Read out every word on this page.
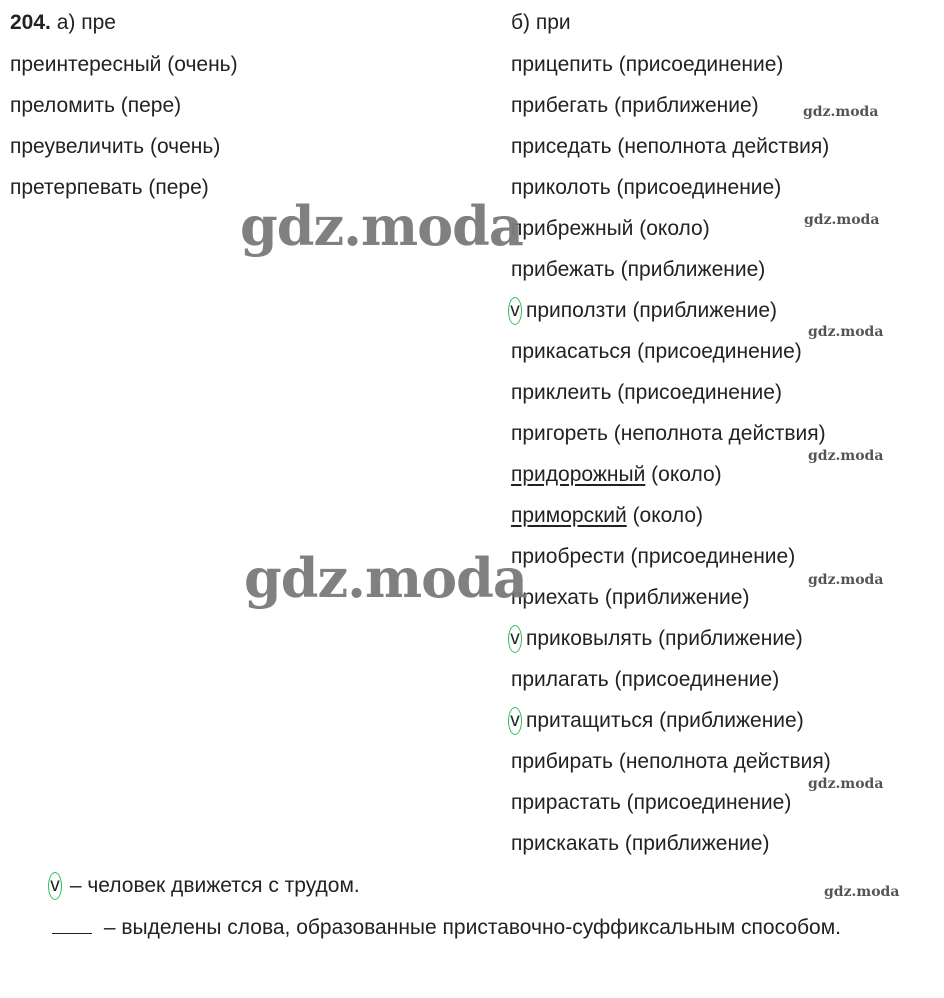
204. а) пре	б) при
преинтересный (очень)
преломить (пере)
преувеличить (очень)
претерпевать (пере)
прицепить (присоединение)
прибегать (приближение)
приседать (неполнота действия)
приколоть (присоединение)
прибрежный (около)
прибежать (приближение)
v приползти (приближение)
прикасаться (присоединение)
приклеить (присоединение)
пригореть (неполнота действия)
придорожный (около)
приморский (около)
приобрести (присоединение)
приехать (приближение)
v приковылять (приближение)
прилагать (присоединение)
v притащиться (приближение)
прибирать (неполнота действия)
прирастать (присоединение)
прискакать (приближение)
v – человек движется с трудом.
– выделены слова, образованные приставочно-суффиксальным способом.
gdz.moda
gdz.moda
gdz.moda
gdz.moda
gdz.moda
gdz.moda
gdz.moda
gdz.moda
gdz.moda
